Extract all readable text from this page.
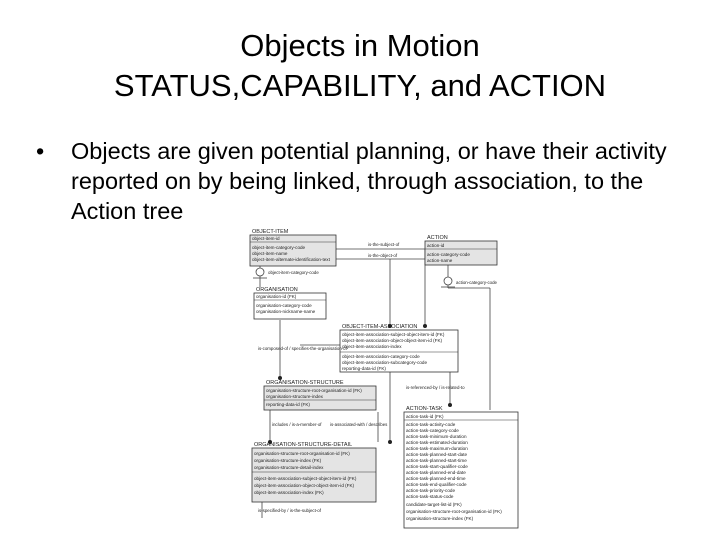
Objects in Motion
STATUS,CAPABILITY, and ACTION
• Objects are given potential planning, or have their activity reported on by being linked, through association, to the Action tree
OBJECT-ITEM
object-item-id
object-item-category-code
object-item-name
object-item-alternate-identification-text
ACTION
action-id
action-category-code
action-name
ORGANISATION
organisation-id (FK)
organisation-category-code
organisation-nickname-name
OBJECT-ITEM-ASSOCIATION
object-item-association-subject-object-item-id (FK)
object-item-association-object-object-item-id (FK)
object-item-association-index
object-item-association-category-code
object-item-association-subcategory-code
reporting-data-id (FK)
ORGANISATION-STRUCTURE
organisation-structure-root-organisation-id (FK)
organisation-structure-index
reporting-data-id (FK)
ORGANISATION-STRUCTURE-DETAIL
organisation-structure-root-organisation-id (FK)
organisation-structure-index (FK)
organisation-structure-detail-index
object-item-association-subject-object-item-id (FK)
object-item-association-object-object-item-id (FK)
object-item-association-index (FK)
ACTION-TASK
action-task-id (FK)
action-task-activity-code
action-task-category-code
action-task-minimum-duration
action-task-estimated-duration
action-task-maximum-duration
action-task-planned-start-date
action-task-planned-start-time
action-task-start-qualifier-code
action-task-planned-end-date
action-task-planned-end-time
action-task-end-qualifier-code
action-task-priority-code
action-task-status-code
candidate-target-list-id (FK)
organisation-structure-root-organisation-id (FK)
organisation-structure-index (FK)
is-the-subject-of
is-the-object-of
object-item-category-code
action-category-code
is-composed-of / specifies-the-organisation-of
is-referenced-by / is-related-to
includes / is-a-member-of is-associated-with / describes
is-specified-by / is-the-subject-of
